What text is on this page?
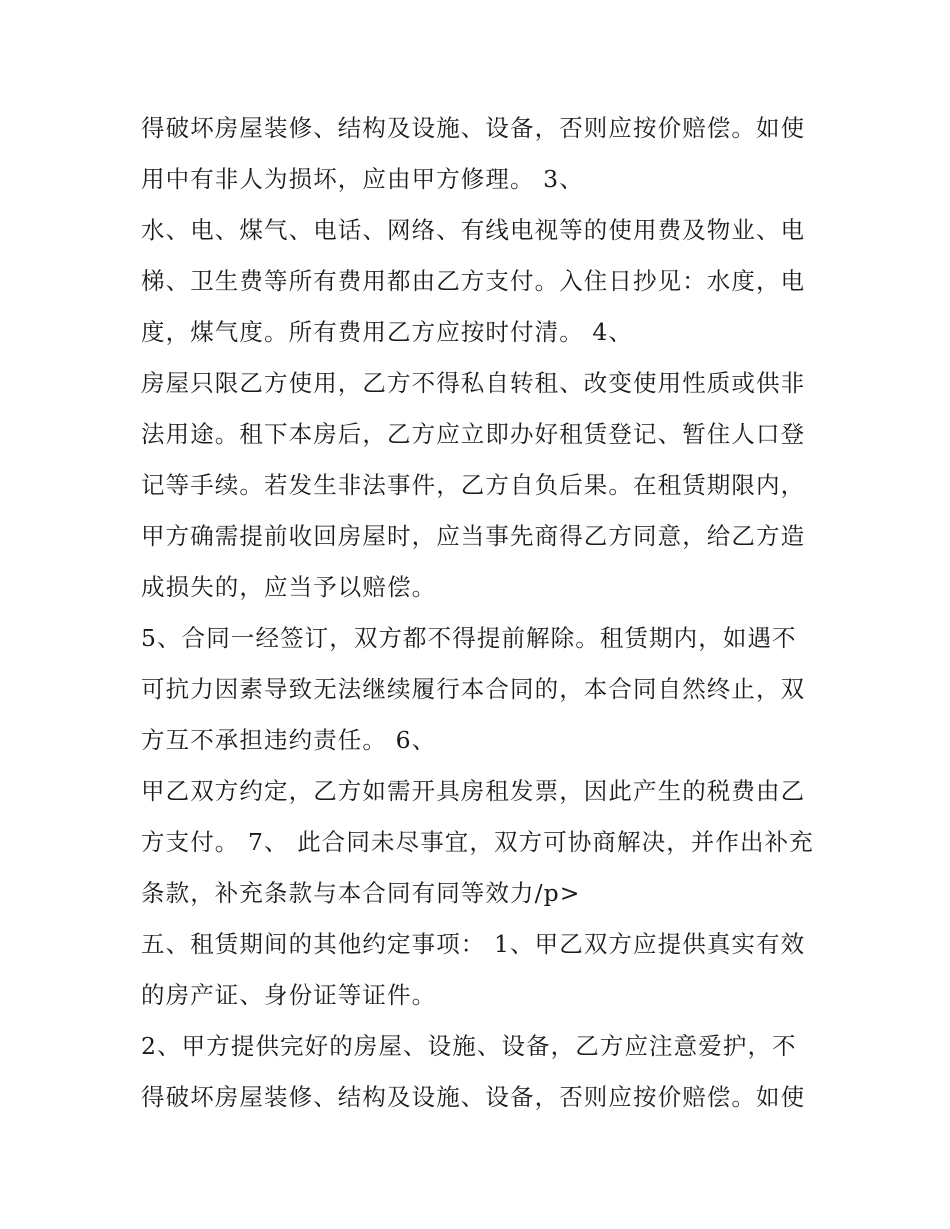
得破坏房屋装修、结构及设施、设备，否则应按价赔偿。如使
用中有非人为损坏，应由甲方修理。 3、
水、电、煤气、电话、网络、有线电视等的使用费及物业、电
梯、卫生费等所有费用都由乙方支付。入住日抄见：水度，电
度，煤气度。所有费用乙方应按时付清。 4、
房屋只限乙方使用，乙方不得私自转租、改变使用性质或供非
法用途。租下本房后，乙方应立即办好租赁登记、暂住人口登
记等手续。若发生非法事件，乙方自负后果。在租赁期限内，
甲方确需提前收回房屋时，应当事先商得乙方同意，给乙方造
成损失的，应当予以赔偿。
5、合同一经签订，双方都不得提前解除。租赁期内，如遇不
可抗力因素导致无法继续履行本合同的，本合同自然终止，双
方互不承担违约责任。 6、
甲乙双方约定，乙方如需开具房租发票，因此产生的税费由乙
方支付。 7、 此合同未尽事宜，双方可协商解决，并作出补充
条款，补充条款与本合同有同等效力/p>
五、租赁期间的其他约定事项： 1、甲乙双方应提供真实有效
的房产证、身份证等证件。
2、甲方提供完好的房屋、设施、设备，乙方应注意爱护，不
得破坏房屋装修、结构及设施、设备，否则应按价赔偿。如使
